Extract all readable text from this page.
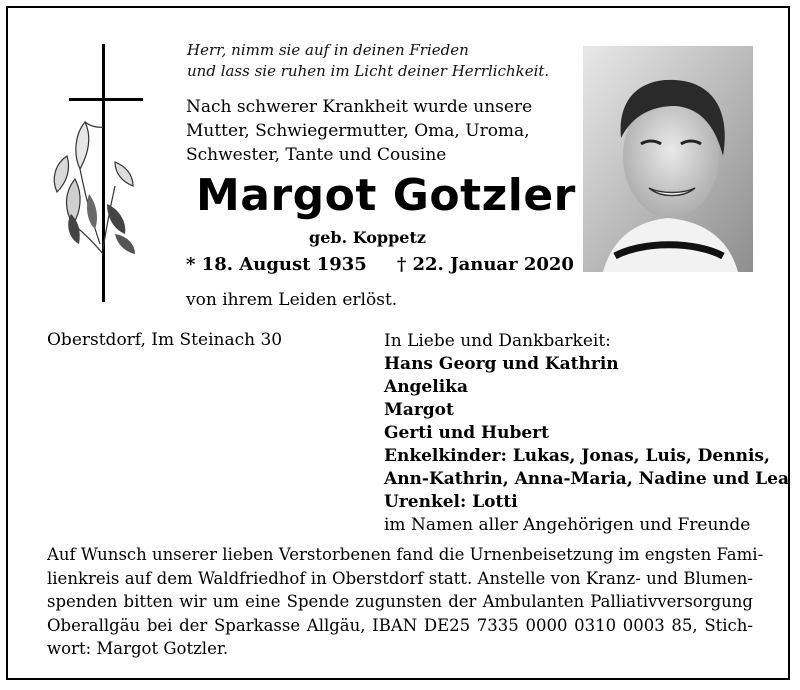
Herr, nimm sie auf in deinen Frieden
und lass sie ruhen im Licht deiner Herrlichkeit.
Nach schwerer Krankheit wurde unsere
Mutter, Schwiegermutter, Oma, Uroma,
Schwester, Tante und Cousine
Margot Gotzler
geb. Koppetz
* 18. August 1935 † 22. Januar 2020
von ihrem Leiden erlöst.
Oberstdorf, Im Steinach 30	In Liebe und Dankbarkeit:
Hans Georg und Kathrin
Angelika
Margot
Gerti und Hubert
Enkelkinder: Lukas, Jonas, Luis, Dennis,
Ann-Kathrin, Anna-Maria, Nadine und Lea
Urenkel: Lotti
im Namen aller Angehörigen und Freunde
Auf Wunsch unserer lieben Verstorbenen fand die Urnenbeisetzung im engsten Fami-
lienkreis auf dem Waldfriedhof in Oberstdorf statt. Anstelle von Kranz- und Blumen-
spenden bitten wir um eine Spende zugunsten der Ambulanten Palliativversorgung
Oberallgäu bei der Sparkasse Allgäu, IBAN DE25 7335 0000 0310 0003 85, Stich-
wort: Margot Gotzler.
